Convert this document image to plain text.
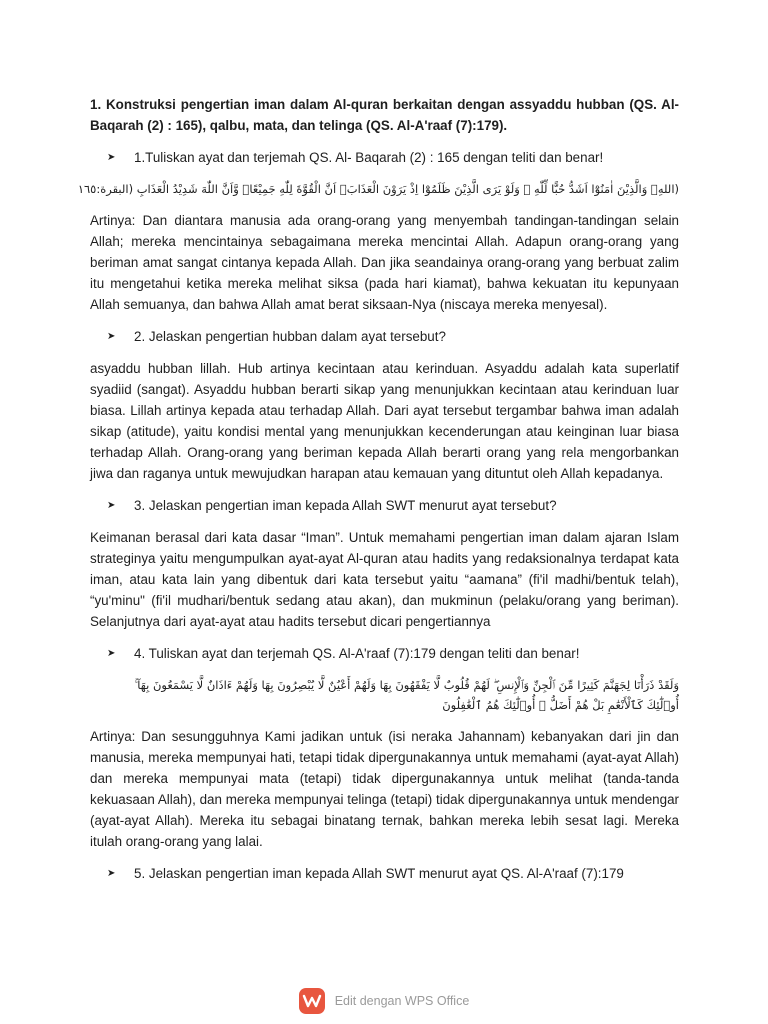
1. Konstruksi pengertian iman dalam Al-quran berkaitan dengan assyaddu hubban (QS. Al-Baqarah (2) : 165), qalbu, mata, dan telinga (QS. Al-A'raaf (7):179).

➤	1.Tuliskan ayat dan terjemah QS. Al- Baqarah (2) : 165 dengan teliti dan benar!
(اللهِۗ وَالَّذِيْنَ اٰمَنُوْٓا اَشَدُّ حُبًّا لِّلّٰهِ ۗ وَلَوْ يَرَى الَّذِيْنَ ظَلَمُوْٓا اِذْ يَرَوْنَ الْعَذَابَۙ اَنَّ الْقُوَّةَ لِلّٰهِ جَمِيْعًاۙ وَّاَنَّ اللّٰهَ شَدِيْدُ الْعَذَابِ (البقرة:١٦٥

Artinya: Dan diantara manusia ada orang-orang yang menyembah tandingan-tandingan selain Allah; mereka mencintainya sebagaimana mereka mencintai Allah. Adapun orang-orang yang beriman amat sangat cintanya kepada Allah. Dan jika seandainya orang-orang yang berbuat zalim itu mengetahui ketika mereka melihat siksa (pada hari kiamat), bahwa kekuatan itu kepunyaan Allah semuanya, dan bahwa Allah amat berat siksaan-Nya (niscaya mereka menyesal).

➤	2. Jelaskan pengertian hubban dalam ayat tersebut?

asyaddu hubban lillah. Hub artinya kecintaan atau kerinduan. Asyaddu adalah kata superlatif syadiid (sangat). Asyaddu hubban berarti sikap yang menunjukkan kecintaan atau kerinduan luar biasa. Lillah artinya kepada atau terhadap Allah. Dari ayat tersebut tergambar bahwa iman adalah sikap (atitude), yaitu kondisi mental yang menunjukkan kecenderungan atau keinginan luar biasa terhadap Allah. Orang-orang yang beriman kepada Allah berarti orang yang rela mengorbankan jiwa dan raganya untuk mewujudkan harapan atau kemauan yang dituntut oleh Allah kepadanya.

➤	3. Jelaskan pengertian iman kepada Allah SWT menurut ayat tersebut?

Keimanan berasal dari kata dasar “Iman”. Untuk memahami pengertian iman dalam ajaran Islam strateginya yaitu mengumpulkan ayat-ayat Al-quran atau hadits yang redaksionalnya terdapat kata iman, atau kata lain yang dibentuk dari kata tersebut yaitu “aamana” (fi'il madhi/bentuk telah), “yu'minu" (fi'il mudhari/bentuk sedang atau akan), dan mukminun (pelaku/orang yang beriman). Selanjutnya dari ayat-ayat atau hadits tersebut dicari pengertiannya

➤	4. Tuliskan ayat dan terjemah QS. Al-A'raaf (7):179 dengan teliti dan benar!
وَلَقَدْ ذَرَأْنَا لِجَهَنَّمَ كَثِيرًا مِّنَ ٱلْجِنِّ وَٱلْإِنسِ ۖ لَهُمْ قُلُوبٌ لَّا يَفْقَهُونَ بِهَا وَلَهُمْ أَعْيُنٌ لَّا يُبْصِرُونَ بِهَا وَلَهُمْ ءَاذَانٌ لَّا يَسْمَعُونَ بِهَآ ۚ
أُو۟لَٰٓئِكَ كَٱلْأَنْعَٰمِ بَلْ هُمْ أَضَلُّ ۚ أُو۟لَٰٓئِكَ هُمُ ٱلْغَٰفِلُونَ

Artinya: Dan sesungguhnya Kami jadikan untuk (isi neraka Jahannam) kebanyakan dari jin dan manusia, mereka mempunyai hati, tetapi tidak dipergunakannya untuk memahami (ayat-ayat Allah) dan mereka mempunyai mata (tetapi) tidak dipergunakannya untuk melihat (tanda-tanda kekuasaan Allah), dan mereka mempunyai telinga (tetapi) tidak dipergunakannya untuk mendengar (ayat-ayat Allah). Mereka itu sebagai binatang ternak, bahkan mereka lebih sesat lagi. Mereka itulah orang-orang yang lalai.

➤	5. Jelaskan pengertian iman kepada Allah SWT menurut ayat QS. Al-A'raaf (7):179
Edit dengan WPS Office
